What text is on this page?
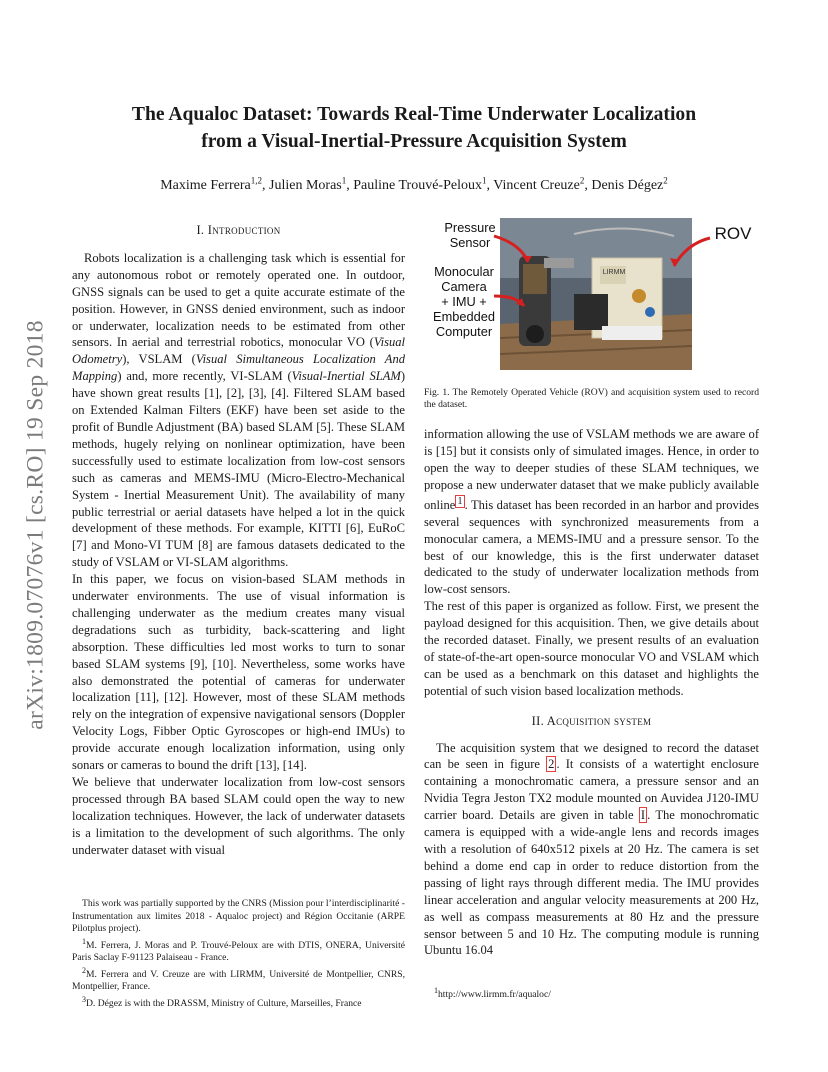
The Aqualoc Dataset: Towards Real-Time Underwater Localization
from a Visual-Inertial-Pressure Acquisition System
Maxime Ferrera$^{1,2}$, Julien Moras$^1$, Pauline Trouvé-Peloux$^1$, Vincent Creuze$^2$, Denis Dégez$^2$
arXiv:1809.07076v1 [cs.RO] 19 Sep 2018

I. Introduction

Robots localization is a challenging task which is essential for any autonomous robot or remotely operated one. In outdoor, GNSS signals can be used to get a quite accurate estimate of the position. However, in GNSS denied environment, such as indoor or underwater, localization needs to be estimated from other sensors. In aerial and terrestrial robotics, monocular VO (Visual Odometry), VSLAM (Visual Simultaneous Localization And Mapping) and, more recently, VI-SLAM (Visual-Inertial SLAM) have shown great results [1], [2], [3], [4]. Filtered SLAM based on Extended Kalman Filters (EKF) have been set aside to the profit of Bundle Adjustment (BA) based SLAM [5]. These SLAM methods, hugely relying on nonlinear optimization, have been successfully used to estimate localization from low-cost sensors such as cameras and MEMS-IMU (Micro-Electro-Mechanical System - Inertial Measurement Unit). The availability of many public terrestrial or aerial datasets have helped a lot in the quick development of these methods. For example, KITTI [6], EuRoC [7] and Mono-VI TUM [8] are famous datasets dedicated to the study of VSLAM or VI-SLAM algorithms.

In this paper, we focus on vision-based SLAM methods in underwater environments. The use of visual information is challenging underwater as the medium creates many visual degradations such as turbidity, back-scattering and light absorption. These difficulties led most works to turn to sonar based SLAM systems [9], [10]. Nevertheless, some works have also demonstrated the potential of cameras for underwater localization [11], [12]. However, most of these SLAM methods rely on the integration of expensive navigational sensors (Doppler Velocity Logs, Fibber Optic Gyroscopes or high-end IMUs) to provide accurate enough localization information, using only sonars or cameras to bound the drift [13], [14].

We believe that underwater localization from low-cost sensors processed through BA based SLAM could open the way to new localization techniques. However, the lack of underwater datasets is a limitation to the development of such algorithms. The only underwater dataset with visual

This work was partially supported by the CNRS (Mission pour l’interdisciplinarité - Instrumentation aux limites 2018 - Aqualoc project) and Région Occitanie (ARPE Pilotplus project).

$^1$M. Ferrera, J. Moras and P. Trouvé-Peloux are with DTIS, ONERA, Université Paris Saclay F-91123 Palaiseau - France.

$^2$M. Ferrera and V. Creuze are with LIRMM, Université de Montpellier, CNRS, Montpellier, France.

$^3$D. Dégez is with the DRASSM, Ministry of Culture, Marseilles, France

Pressure
Sensor	ROV
Monocular
Camera
+ IMU +
Embedded
Computer
LIRMM
Fig. 1. The Remotely Operated Vehicle (ROV) and acquisition system used to record the dataset.

information allowing the use of VSLAM methods we are aware of is [15] but it consists only of simulated images. Hence, in order to open the way to deeper studies of these SLAM techniques, we propose a new underwater dataset that we make publicly available online $^1$ . This dataset has been recorded in an harbor and provides several sequences with synchronized measurements from a monocular camera, a MEMS-IMU and a pressure sensor. To the best of our knowledge, this is the first underwater dataset dedicated to the study of underwater localization methods from low-cost sensors.

The rest of this paper is organized as follow. First, we present the payload designed for this acquisition. Then, we give details about the recorded dataset. Finally, we present results of an evaluation of state-of-the-art open-source monocular VO and VSLAM which can be used as a benchmark on this dataset and highlights the potential of such vision based localization methods.

II. Acquisition system

The acquisition system that we designed to record the dataset can be seen in figure 2 . It consists of a watertight enclosure containing a monochromatic camera, a pressure sensor and an Nvidia Tegra Jeston TX2 module mounted on Auvidea J120-IMU carrier board. Details are given in table I . The monochromatic camera is equipped with a wide-angle lens and records images with a resolution of 640x512 pixels at 20 Hz. The camera is set behind a dome end cap in order to reduce distortion from the passing of light rays through different media. The IMU provides linear acceleration and angular velocity measurements at 200 Hz, as well as compass measurements at 80 Hz and the pressure sensor between 5 and 10 Hz. The computing module is running Ubuntu 16.04

$^1$http://www.lirmm.fr/aqualoc/
